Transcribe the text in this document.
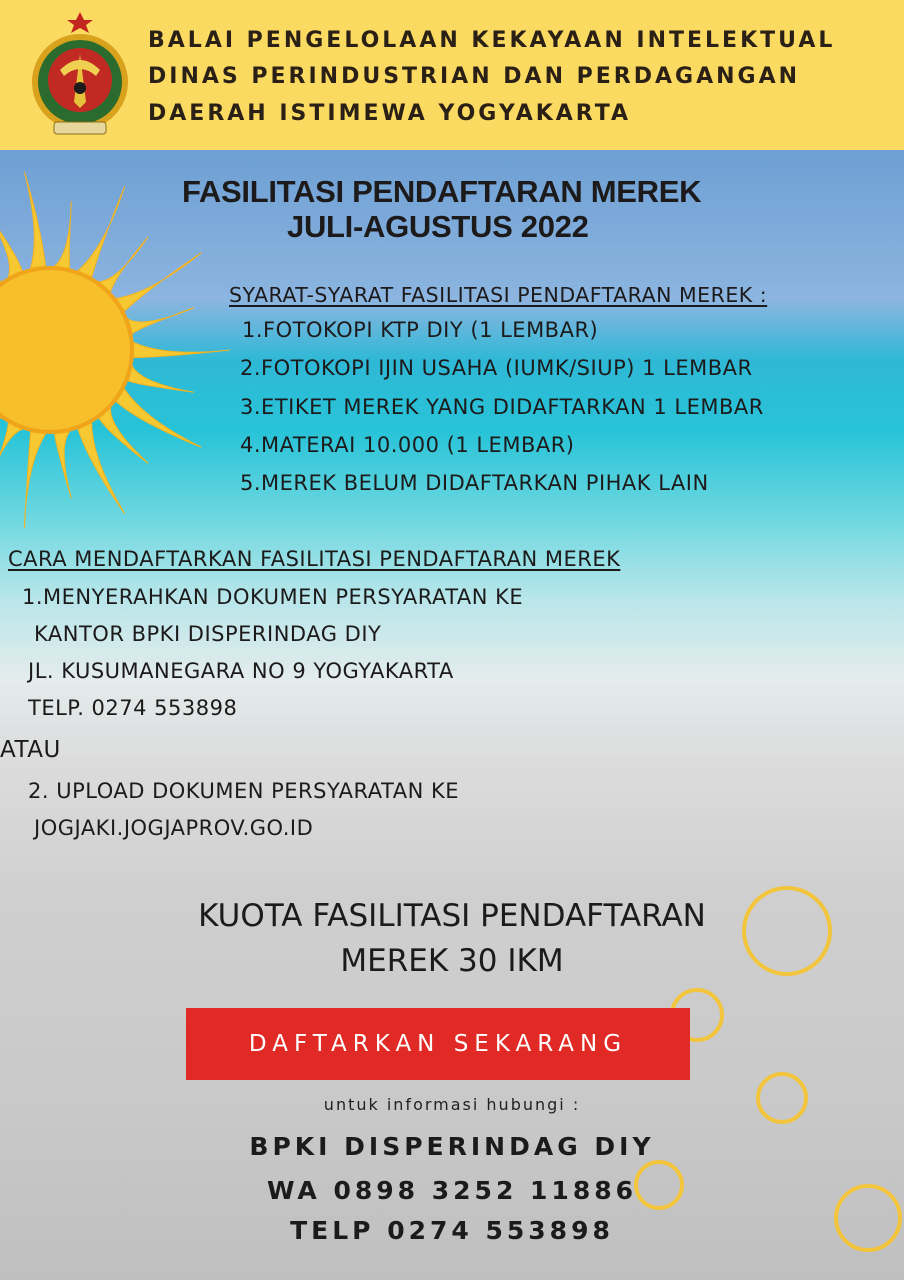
BALAI PENGELOLAAN KEKAYAAN INTELEKTUAL
DINAS PERINDUSTRIAN DAN PERDAGANGAN
DAERAH ISTIMEWA YOGYAKARTA
FASILITASI PENDAFTARAN MEREK
JULI-AGUSTUS 2022
SYARAT-SYARAT FASILITASI PENDAFTARAN MEREK :
1.FOTOKOPI KTP DIY (1 LEMBAR)
2.FOTOKOPI IJIN USAHA (IUMK/SIUP) 1 LEMBAR
3.ETIKET MEREK YANG DIDAFTARKAN 1 LEMBAR
4.MATERAI 10.000 (1 LEMBAR)
5.MEREK BELUM DIDAFTARKAN PIHAK LAIN
CARA MENDAFTARKAN FASILITASI PENDAFTARAN MEREK
1.MENYERAHKAN DOKUMEN PERSYARATAN KE
KANTOR BPKI DISPERINDAG DIY
JL. KUSUMANEGARA NO 9 YOGYAKARTA
TELP. 0274 553898
ATAU
2. UPLOAD DOKUMEN PERSYARATAN KE
JOGJAKI.JOGJAPROV.GO.ID
KUOTA FASILITASI PENDAFTARAN
MEREK 30 IKM
DAFTARKAN SEKARANG
untuk informasi hubungi :
BPKI DISPERINDAG DIY
WA 0898 3252 11886
TELP 0274 553898
